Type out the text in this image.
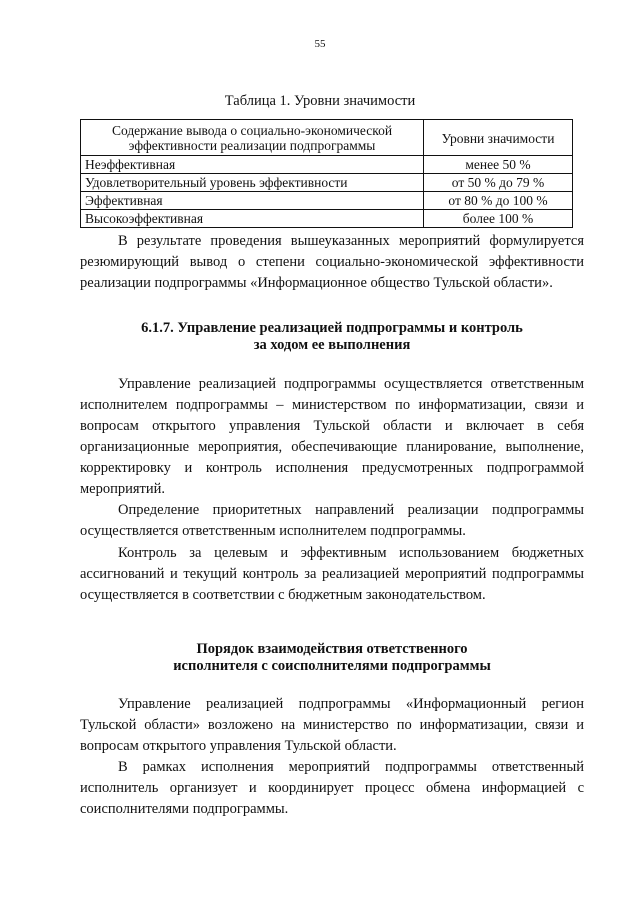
55
Таблица 1. Уровни значимости
Содержание вывода о социально-экономической эффективности реализации подпрограммы	Уровни значимости
Неэффективная	менее 50 %
Удовлетворительный уровень эффективности	от 50 % до 79 %
Эффективная	от 80 % до 100 %
Высокоэффективная	более 100 %

В результате проведения вышеуказанных мероприятий формулируется резюмирующий вывод о степени социально-экономической эффективности реализации подпрограммы «Информационное общество Тульской области».

6.1.7. Управление реализацией подпрограммы и контроль
за ходом ее выполнения

Управление реализацией подпрограммы осуществляется ответственным исполнителем подпрограммы – министерством по информатизации, связи и вопросам открытого управления Тульской области и включает в себя организационные мероприятия, обеспечивающие планирование, выполнение, корректировку и контроль исполнения предусмотренных подпрограммой мероприятий.

Определение приоритетных направлений реализации подпрограммы осуществляется ответственным исполнителем подпрограммы.

Контроль за целевым и эффективным использованием бюджетных ассигнований и текущий контроль за реализацией мероприятий подпрограммы осуществляется в соответствии с бюджетным законодательством.

Порядок взаимодействия ответственного
исполнителя с соисполнителями подпрограммы

Управление реализацией подпрограммы «Информационный регион Тульской области» возложено на министерство по информатизации, связи и вопросам открытого управления Тульской области.

В рамках исполнения мероприятий подпрограммы ответственный исполнитель организует и координирует процесс обмена информацией с соисполнителями подпрограммы.
